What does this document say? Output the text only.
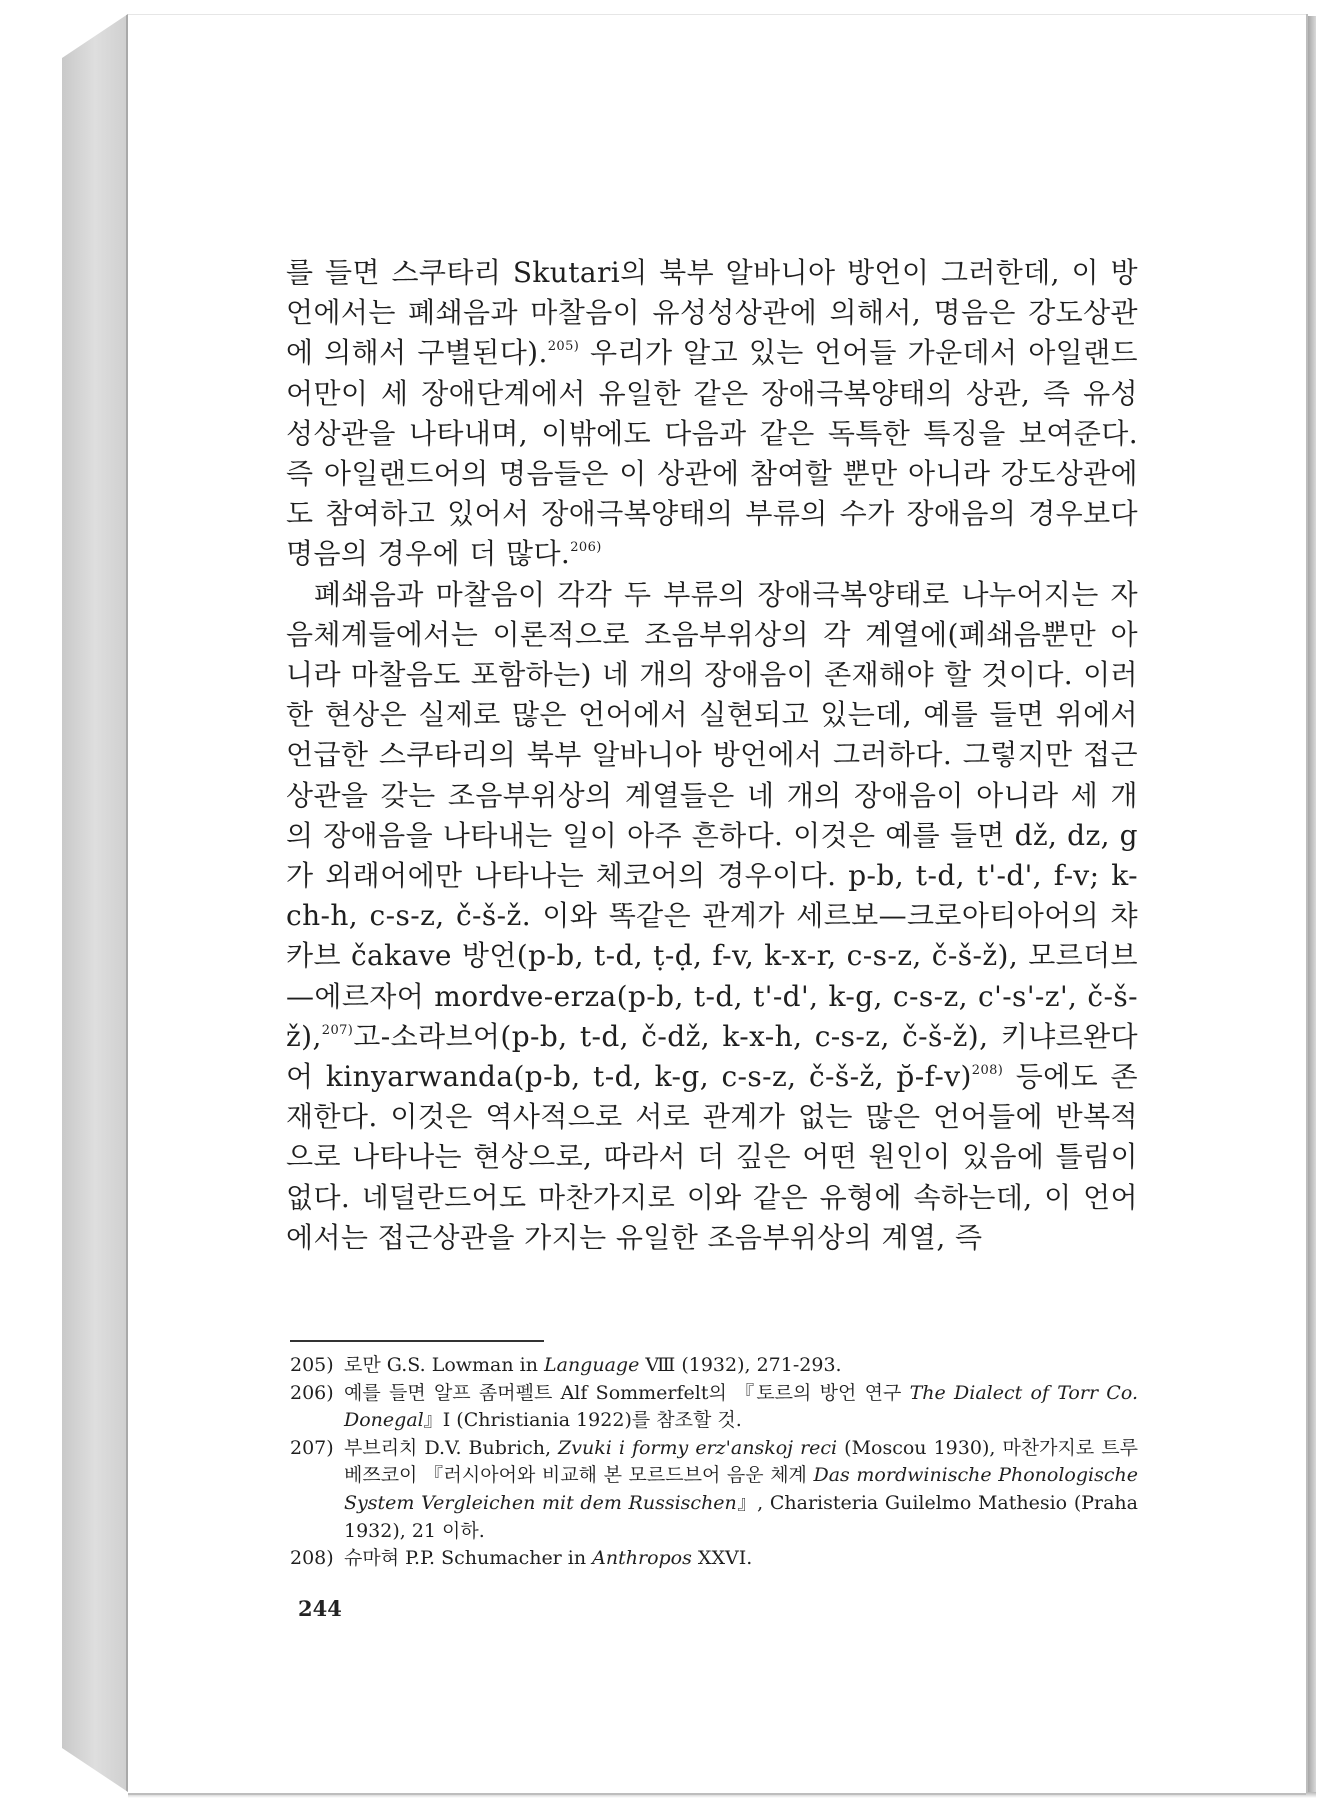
를 들면 스쿠타리 Skutari의 북부 알바니아 방언이 그러한데, 이 방언에서는 폐쇄음과 마찰음이 유성성상관에 의해서, 명음은 강도상관에 의해서 구별된다).$^{205)}$ 우리가 알고 있는 언어들 가운데서 아일랜드어만이 세 장애단계에서 유일한 같은 장애극복양태의 상관, 즉 유성성상관을 나타내며, 이밖에도 다음과 같은 독특한 특징을 보여준다. 즉 아일랜드어의 명음들은 이 상관에 참여할 뿐만 아니라 강도상관에도 참여하고 있어서 장애극복양태의 부류의 수가 장애음의 경우보다 명음의 경우에 더 많다.$^{206)}$

폐쇄음과 마찰음이 각각 두 부류의 장애극복양태로 나누어지는 자음체계들에서는 이론적으로 조음부위상의 각 계열에(폐쇄음뿐만 아니라 마찰음도 포함하는) 네 개의 장애음이 존재해야 할 것이다. 이러한 현상은 실제로 많은 언어에서 실현되고 있는데, 예를 들면 위에서 언급한 스쿠타리의 북부 알바니아 방언에서 그러하다. 그렇지만 접근상관을 갖는 조음부위상의 계열들은 네 개의 장애음이 아니라 세 개의 장애음을 나타내는 일이 아주 흔하다. 이것은 예를 들면 dž, dz, g 가 외래어에만 나타나는 체코어의 경우이다. p-b, t-d, t'-d', f-v; k-ch-h, c-s-z, č-š-ž. 이와 똑같은 관계가 세르보—크로아티아어의 챠카브 čakave 방언(p-b, t-d, ṭ-ḍ, f-v, k-x-r, c-s-z, č-š-ž), 모르더브—에르자어 mordve-erza(p-b, t-d, t'-d', k-g, c-s-z, c'-s'-z', č-š-ž),$^{207)}$고-소라브어(p-b, t-d, č-dž, k-x-h, c-s-z, č-š-ž), 키냐르완다어 kinyarwanda(p-b, t-d, k-g, c-s-z, č-š-ž, p̆-f-v)$^{208)}$ 등에도 존재한다. 이것은 역사적으로 서로 관계가 없는 많은 언어들에 반복적으로 나타나는 현상으로, 따라서 더 깊은 어떤 원인이 있음에 틀림이 없다. 네덜란드어도 마찬가지로 이와 같은 유형에 속하는데, 이 언어에서는 접근상관을 가지는 유일한 조음부위상의 계열, 즉

205) 로만 G.S. Lowman in Language Ⅷ (1932), 271-293.
206) 예를 들면 알프 좀머펠트 Alf Sommerfelt의 『토르의 방언 연구 The Dialect of Torr Co. Donegal』I (Christiania 1922)를 참조할 것.
207) 부브리치 D.V. Bubrich, Zvuki i formy erz'anskoj reci (Moscou 1930), 마찬가지로 트루베쯔코이 『러시아어와 비교해 본 모르드브어 음운 체계 Das mordwinische Phonologische System Vergleichen mit dem Russischen』, Charisteria Guilelmo Mathesio (Praha 1932), 21 이하.
208) 슈마혀 P.P. Schumacher in Anthropos XXVI.
244
